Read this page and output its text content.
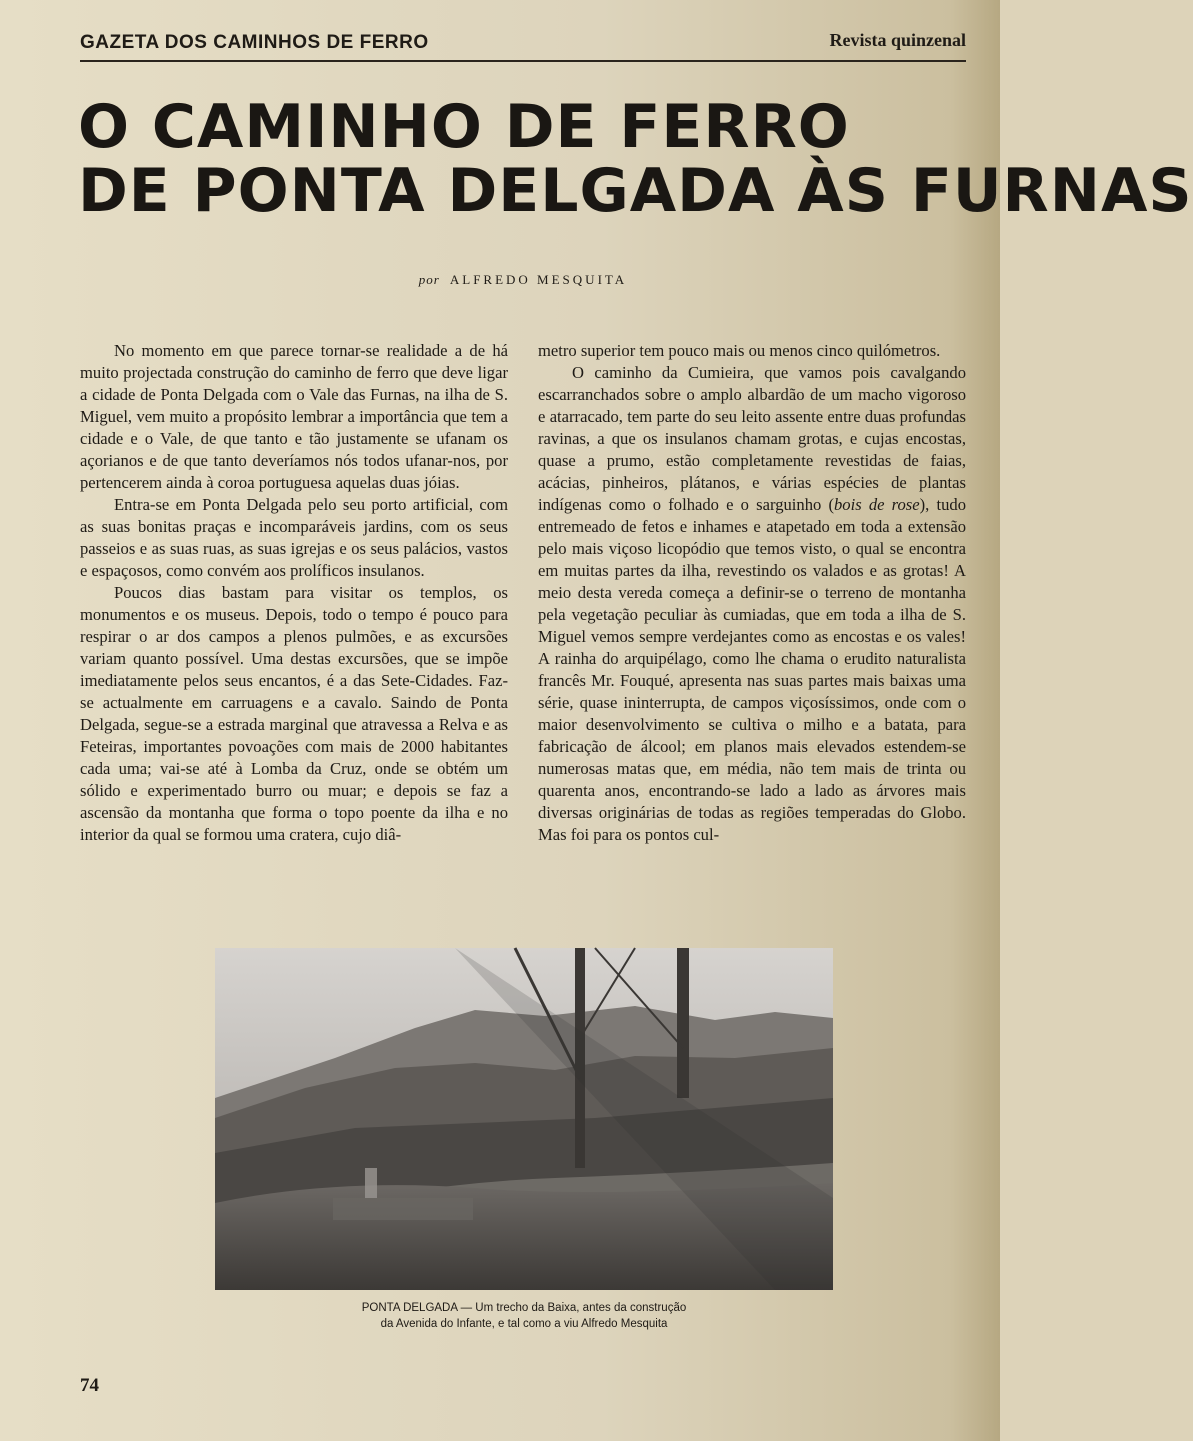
GAZETA DOS CAMINHOS DE FERRO	Revista quinzenal
O CAMINHO DE FERRO
DE PONTA DELGADA ÀS FURNAS
por ALFREDO MESQUITA

No momento em que parece tornar-se realidade a de há muito projectada construção do caminho de ferro que deve ligar a cidade de Ponta Delgada com o Vale das Furnas, na ilha de S. Miguel, vem muito a propósito lembrar a importância que tem a cidade e o Vale, de que tanto e tão justamente se ufanam os açorianos e de que tanto deveríamos nós todos ufanar-nos, por pertencerem ainda à coroa portuguesa aquelas duas jóias.

Entra-se em Ponta Delgada pelo seu porto artificial, com as suas bonitas praças e incomparáveis jardins, com os seus passeios e as suas ruas, as suas igrejas e os seus palácios, vastos e espaçosos, como convém aos prolíficos insulanos.

Poucos dias bastam para visitar os templos, os monumentos e os museus. Depois, todo o tempo é pouco para respirar o ar dos campos a plenos pulmões, e as excursões variam quanto possível. Uma destas excursões, que se impõe imediatamente pelos seus encantos, é a das Sete-Cidades. Faz-se actualmente em carruagens e a cavalo. Saindo de Ponta Delgada, segue-se a estrada marginal que atravessa a Relva e as Feteiras, importantes povoações com mais de 2000 habitantes cada uma; vai-se até à Lomba da Cruz, onde se obtém um sólido e experimentado burro ou muar; e depois se faz a ascensão da montanha que forma o topo poente da ilha e no interior da qual se formou uma cratera, cujo diâ-

metro superior tem pouco mais ou menos cinco quilómetros.

O caminho da Cumieira, que vamos pois cavalgando escarranchados sobre o amplo albardão de um macho vigoroso e atarracado, tem parte do seu leito assente entre duas profundas ravinas, a que os insulanos chamam grotas, e cujas encostas, quase a prumo, estão completamente revestidas de faias, acácias, pinheiros, plátanos, e várias espécies de plantas indígenas como o folhado e o sarguinho (bois de rose), tudo entremeado de fetos e inhames e atapetado em toda a extensão pelo mais viçoso licopódio que temos visto, o qual se encontra em muitas partes da ilha, revestindo os valados e as grotas! A meio desta vereda começa a definir-se o terreno de montanha pela vegetação peculiar às cumiadas, que em toda a ilha de S. Miguel vemos sempre verdejantes como as encostas e os vales! A rainha do arquipélago, como lhe chama o erudito naturalista francês Mr. Fouqué, apresenta nas suas partes mais baixas uma série, quase ininterrupta, de campos viçosíssimos, onde com o maior desenvolvimento se cultiva o milho e a batata, para fabricação de álcool; em planos mais elevados estendem-se numerosas matas que, em média, não tem mais de trinta ou quarenta anos, encontrando-se lado a lado as árvores mais diversas originárias de todas as regiões temperadas do Globo. Mas foi para os pontos cul-

PONTA DELGADA — Um trecho da Baixa, antes da construção
da Avenida do Infante, e tal como a viu Alfredo Mesquita
74
